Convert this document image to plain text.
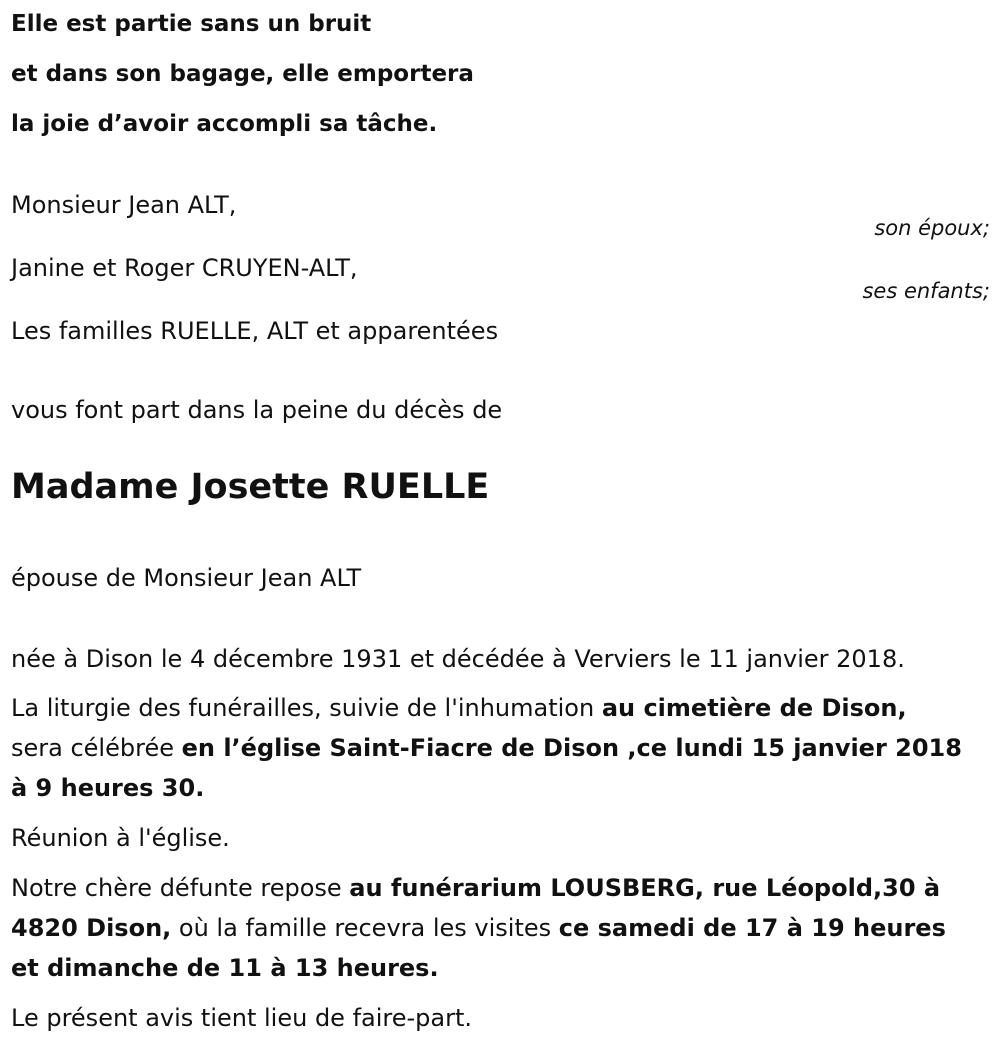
Elle est partie sans un bruit
et dans son bagage, elle emportera
la joie d’avoir accompli sa tâche.
Monsieur Jean ALT,
son époux;
Janine et Roger CRUYEN-ALT,
ses enfants;
Les familles RUELLE, ALT et apparentées
vous font part dans la peine du décès de
Madame Josette RUELLE
épouse de Monsieur Jean ALT
née à Dison le 4 décembre 1931 et décédée à Verviers le 11 janvier 2018.
La liturgie des funérailles, suivie de l'inhumation au cimetière de Dison,
sera célébrée en l’église Saint-Fiacre de Dison ,ce lundi 15 janvier 2018
à 9 heures 30.
Réunion à l'église.
Notre chère défunte repose au funérarium LOUSBERG, rue Léopold,30 à
4820 Dison, où la famille recevra les visites ce samedi de 17 à 19 heures
et dimanche de 11 à 13 heures.
Le présent avis tient lieu de faire-part.
